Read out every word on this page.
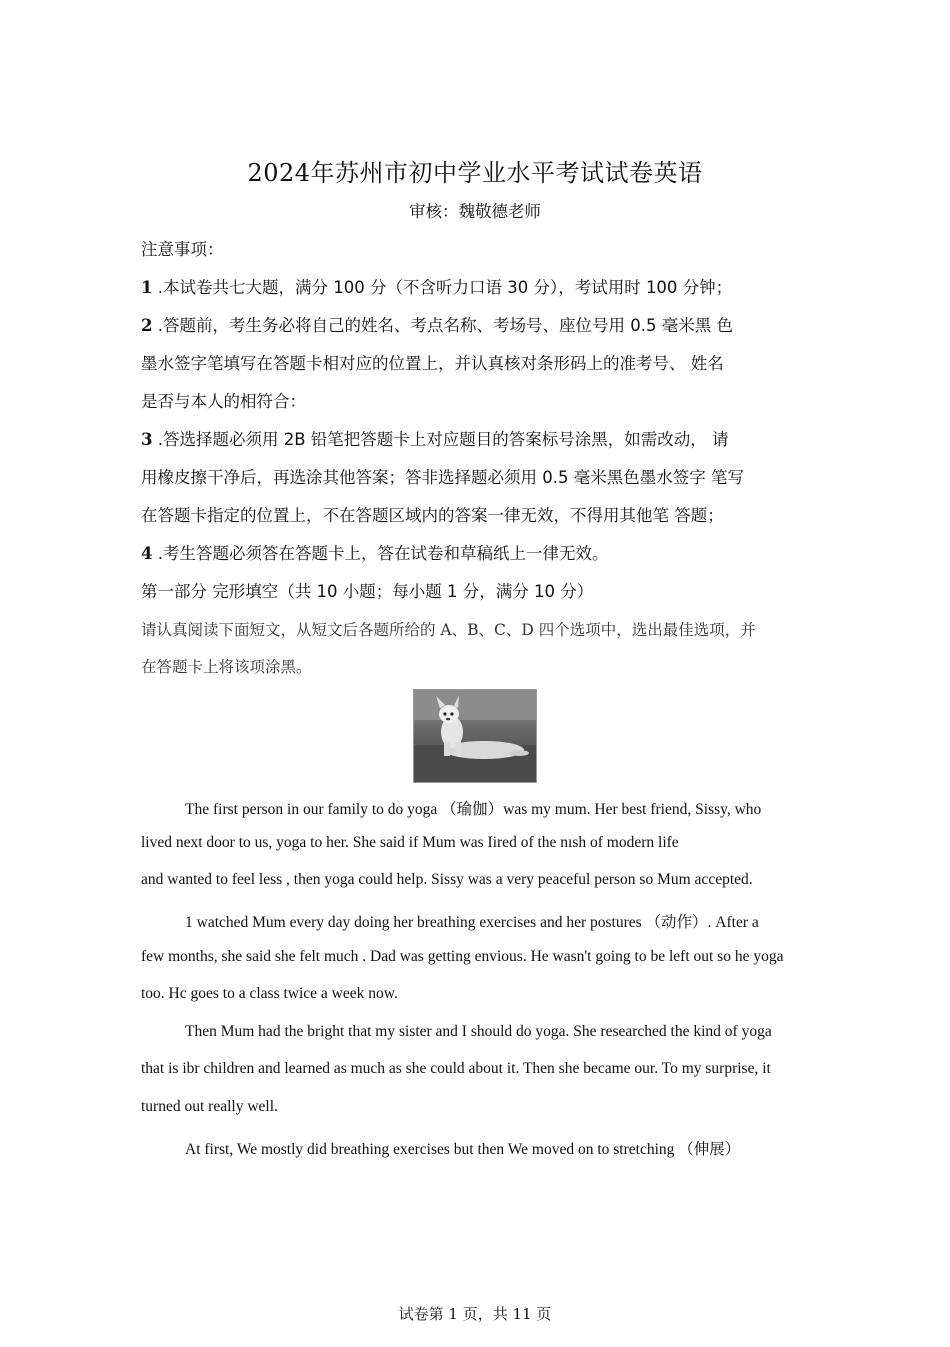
2024年苏州市初中学业水平考试试卷英语
审核：魏敬德老师
注意事项：
1 .本试卷共七大题，满分 100 分（不含听力口语 30 分），考试用时 100 分钟；
2 .答题前，考生务必将自己的姓名、考点名称、考场号、座位号用 0.5 毫米黑 色
墨水签字笔填写在答题卡相对应的位置上，并认真核对条形码上的准考号、 姓名
是否与本人的相符合：
3 .答选择题必须用 2B 铅笔把答题卡上对应题目的答案标号涂黑，如需改动， 请
用橡皮擦干净后，再选涂其他答案；答非选择题必须用 0.5 毫米黑色墨水签字 笔写
在答题卡指定的位置上，不在答题区域内的答案一律无效，不得用其他笔 答题；
4 .考生答题必须答在答题卡上，答在试卷和草稿纸上一律无效。
第一部分 完形填空（共 10 小题；每小题 1 分，满分 10 分）
请认真阅读下面短文，从短文后各题所给的 A、B、C、D 四个选项中，选出最佳选项，并
在答题卡上将该项涂黑。
The first person in our family to do yoga （瑜伽）was my mum. Her best friend, Sissy, who
lived next door to us, yoga to her. She said if Mum was Iired of the nısh of modern life
and wanted to feel less , then yoga could help. Sissy was a very peaceful person so Mum accepted.
1 watched Mum every day doing her breathing exercises and her postures （动作）. After a
few months, she said she felt much . Dad was getting envious. He wasn't going to be left out so he yoga
too. Hc goes to a class twice a week now.
Then Mum had the bright that my sister and I should do yoga. She researched the kind of yoga
that is ibr children and learned as much as she could about it. Then she became our. To my surprise, it
turned out really well.
At first, We mostly did breathing exercises but then We moved on to stretching （伸展）
试卷第 1 页，共 11 页
